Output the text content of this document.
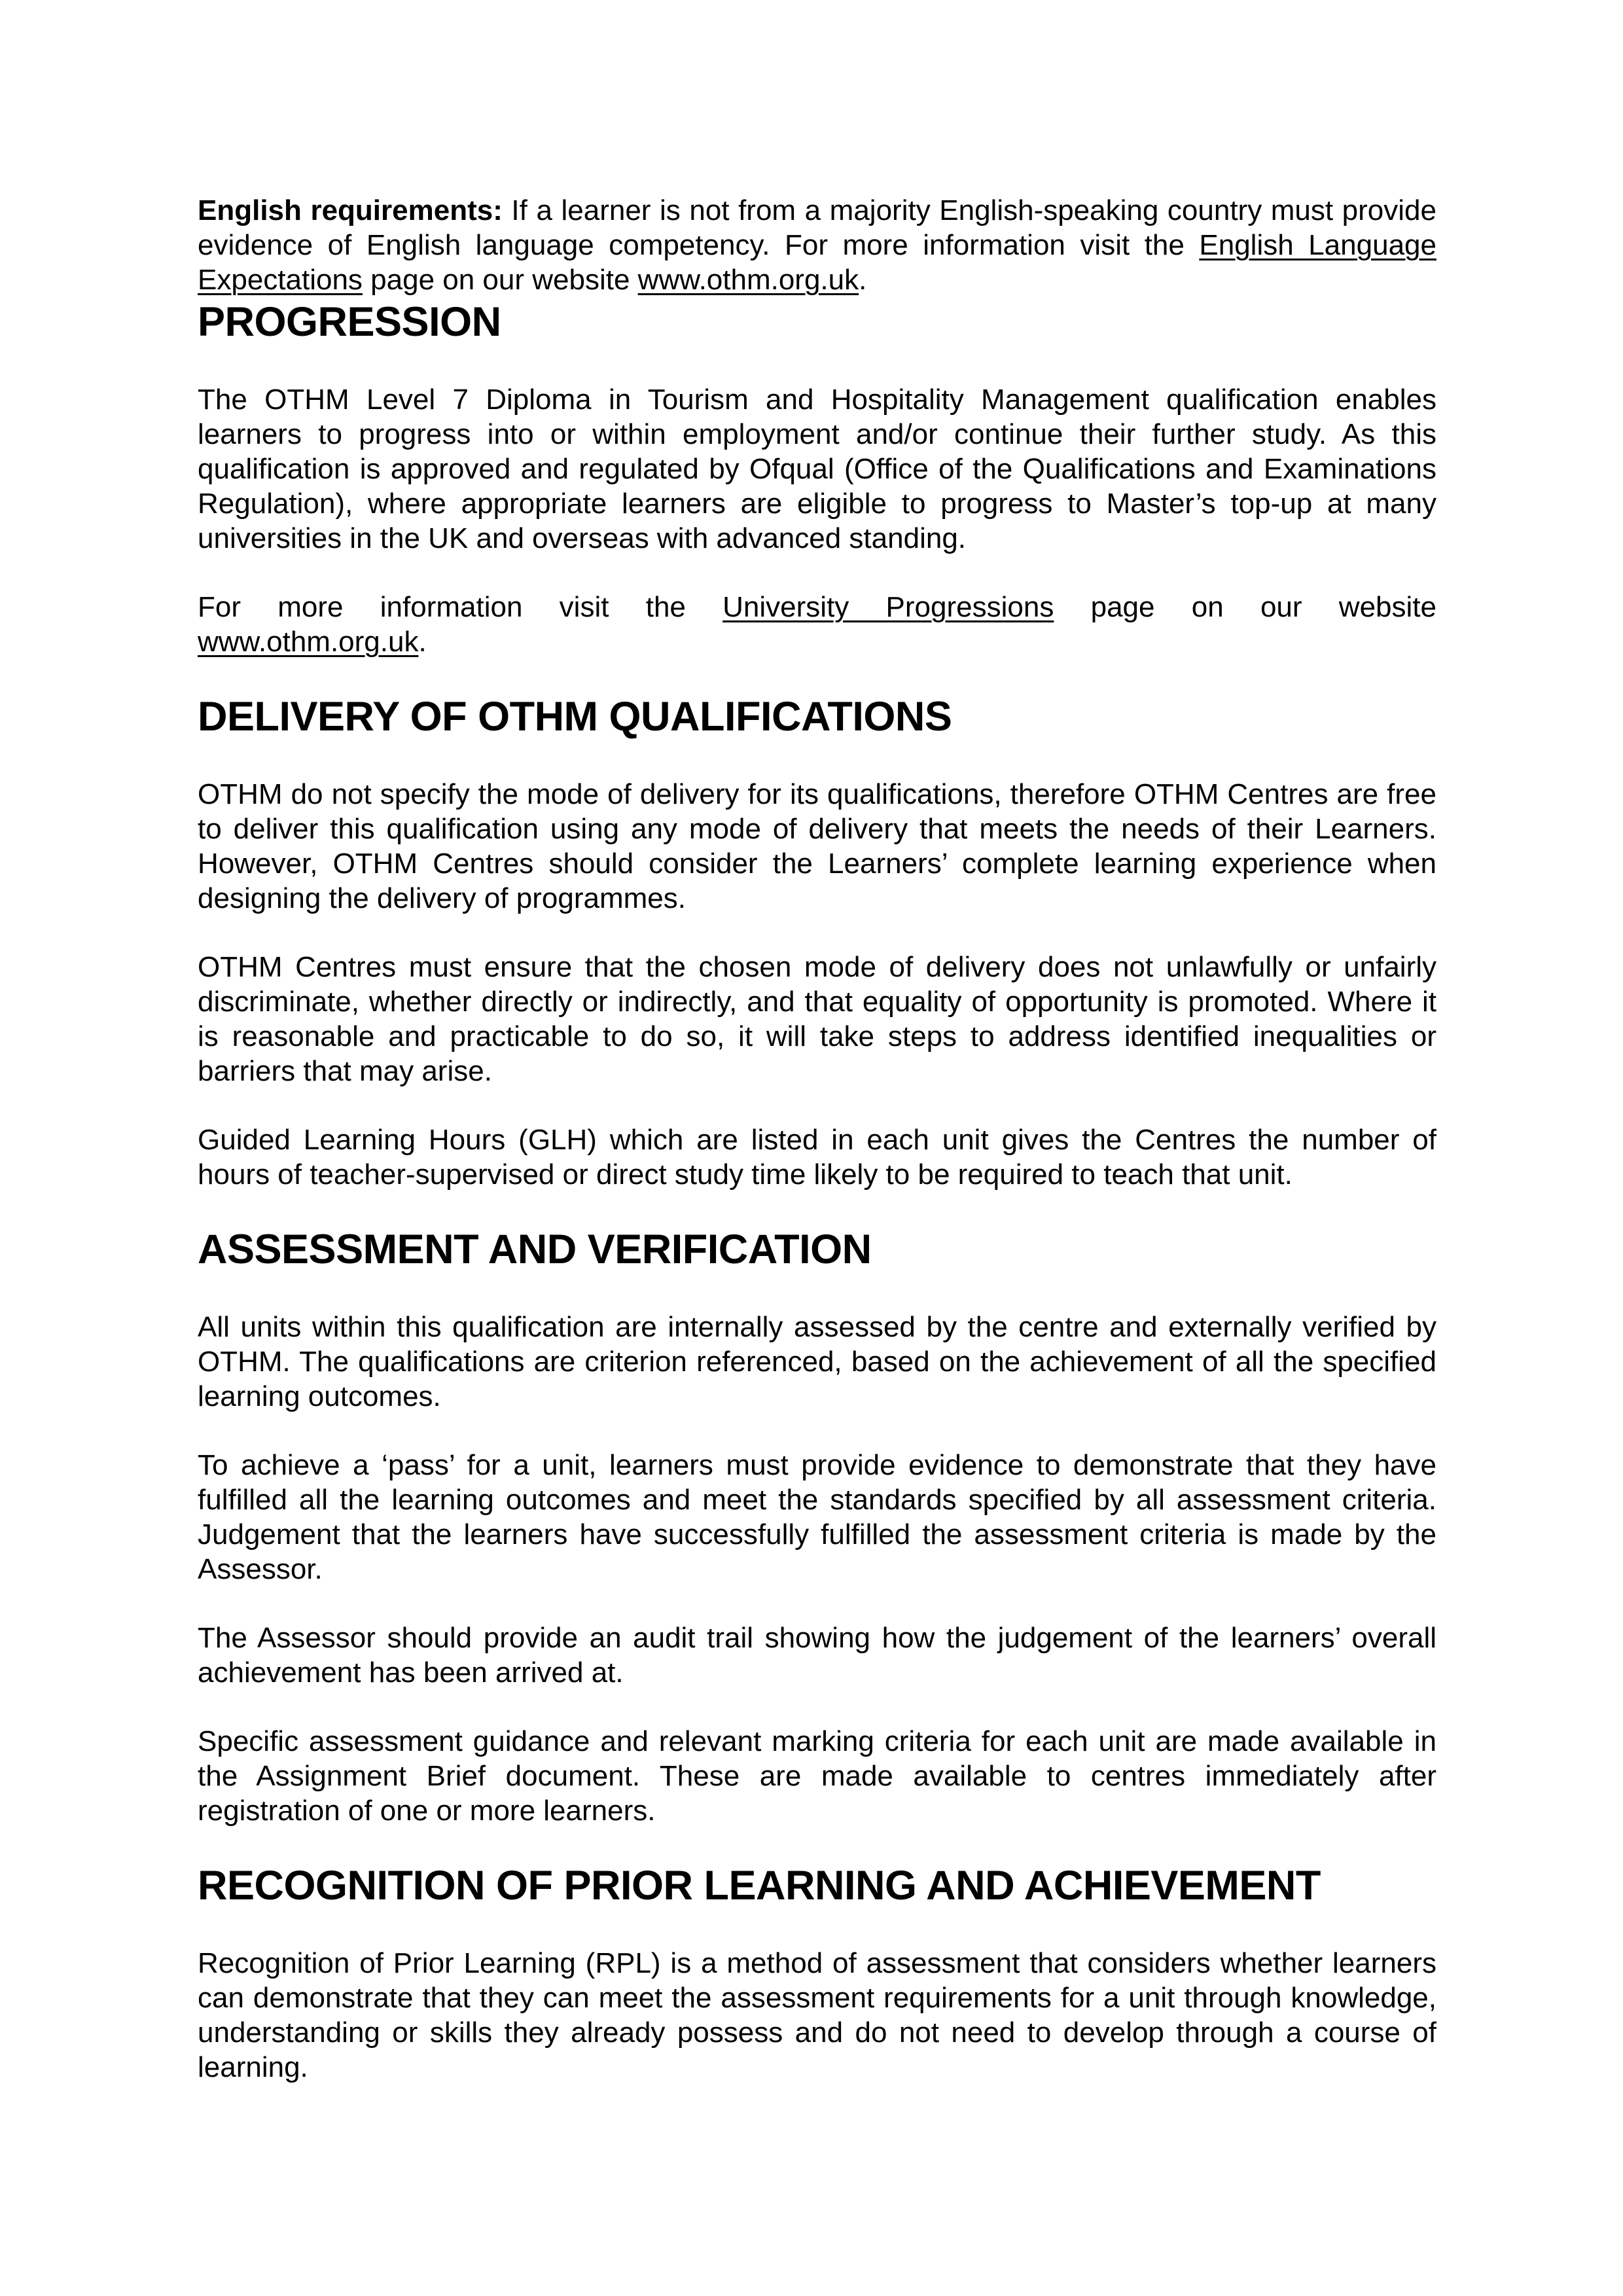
English requirements: If a learner is not from a majority English-speaking country must provide evidence of English language competency. For more information visit the English Language Expectations page on our website www.othm.org.uk.

PROGRESSION

The OTHM Level 7 Diploma in Tourism and Hospitality Management qualification enables learners to progress into or within employment and/or continue their further study. As this qualification is approved and regulated by Ofqual (Office of the Qualifications and Examinations Regulation), where appropriate learners are eligible to progress to Master’s top-up at many universities in the UK and overseas with advanced standing.

For more information visit the University Progressions page on our website

www.othm.org.uk.

DELIVERY OF OTHM QUALIFICATIONS

OTHM do not specify the mode of delivery for its qualifications, therefore OTHM Centres are free to deliver this qualification using any mode of delivery that meets the needs of their Learners. However, OTHM Centres should consider the Learners’ complete learning experience when designing the delivery of programmes.

OTHM Centres must ensure that the chosen mode of delivery does not unlawfully or unfairly discriminate, whether directly or indirectly, and that equality of opportunity is promoted. Where it is reasonable and practicable to do so, it will take steps to address identified inequalities or barriers that may arise.

Guided Learning Hours (GLH) which are listed in each unit gives the Centres the number of hours of teacher-supervised or direct study time likely to be required to teach that unit.

ASSESSMENT AND VERIFICATION

All units within this qualification are internally assessed by the centre and externally verified by OTHM. The qualifications are criterion referenced, based on the achievement of all the specified learning outcomes.

To achieve a ‘pass’ for a unit, learners must provide evidence to demonstrate that they have fulfilled all the learning outcomes and meet the standards specified by all assessment criteria. Judgement that the learners have successfully fulfilled the assessment criteria is made by the Assessor.

The Assessor should provide an audit trail showing how the judgement of the learners’ overall achievement has been arrived at.

Specific assessment guidance and relevant marking criteria for each unit are made available in the Assignment Brief document. These are made available to centres immediately after registration of one or more learners.

RECOGNITION OF PRIOR LEARNING AND ACHIEVEMENT

Recognition of Prior Learning (RPL) is a method of assessment that considers whether learners can demonstrate that they can meet the assessment requirements for a unit through knowledge, understanding or skills they already possess and do not need to develop through a course of learning.
